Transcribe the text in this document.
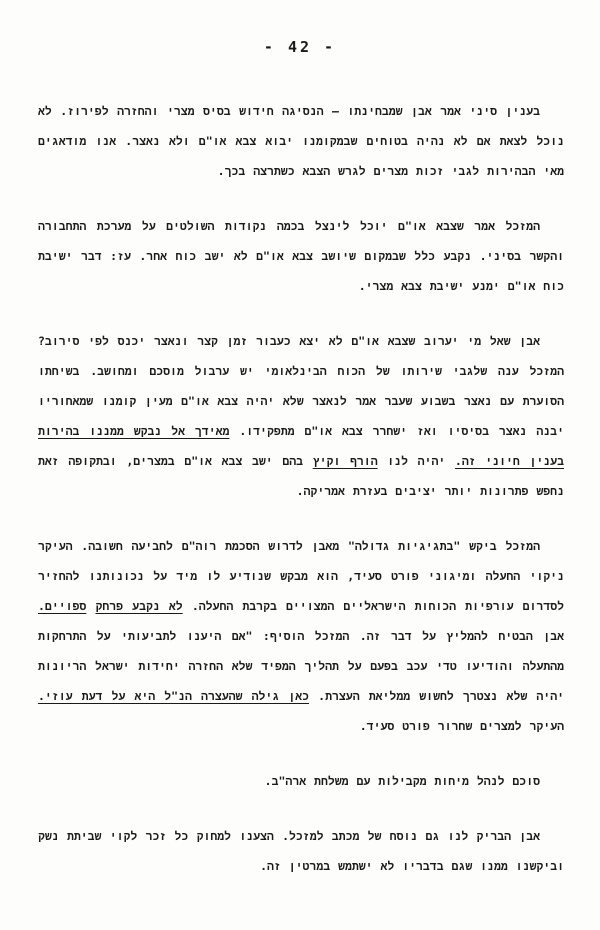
- 42 -

בענין סיני אמר אבן שמבחינתו – הנסיגה חידוש בסיס מצרי והחזרה לפירוז. לא נוכל לצאת אם לא נהיה בטוחים שבמקומנו יבוא צבא או"ם ולא נאצר. אנו מודאגים מאי הבהירות לגבי זכות מצרים לגרש הצבא כשתרצה בכך.

המזכל אמר שצבא או"ם יוכל לינצל בכמה נקודות השולטים על מערכת התחבורה והקשר בסיני. נקבע כלל שבמקום שיושב צבא או"ם לא ישב כוח אחר. עז: דבר ישיבת כוח או"ם ימנע ישיבת צבא מצרי.

אבן שאל מי יערוב שצבא או"ם לא יצא כעבור זמן קצר ונאצר יכנס לפי סירוב? המזכל ענה שלגבי שירותו של הכוח הבינלאומי יש ערבול מוסכם ומחושב. בשיחתו הסוערת עם נאצר בשבוע שעבר אמר לנאצר שלא יהיה צבא או"ם מעין קומנו שמאחוריו יבנה נאצר בסיסיו ואז ישחרר צבא או"ם מתפקידו. מאידך אל נבקש ממננו בהירות בענין חיוני זה. יהיה לנו הורף וקיץ בהם ישב צבא או"ם במצרים, ובתקופה זאת נחפש פתרונות יותר יציבים בעזרת אמריקה.

המזכל ביקש "בתגיגיות גדולה" מאבן לדרוש הסכמת רוה"ם לחביעה חשובה. העיקר ניקוי החעלה ומיגוני פורט סעיד, הוא מבקש שנודיע לו מיד על נכונותנו להחזיר לסדרום עורפיות הכוחות הישראליים המצויים בקרבת החעלה. לא נקבע פרחק ספויים. אבן הבטיח להמליץ על דבר זה. המזכל הוסיף: "אם היענו לתביעותי על התרחקות מהתעלה והודיעו טדי עכב בפעם על תהליך המפיד שלא החזרה יחידות ישראל הריונות יהיה שלא נצטרך לחשוש ממליאת העצרת. כאן גילה שהעצרה הנ"ל היא על דעת עוזי. העיקר למצרים שחרור פורט סעיד.

סוכם לנהל מיחות מקבילות עם משלחת ארה"ב.

אבן הבריק לנו גם נוסח של מכתב למזכל. הצענו למחוק כל זכר לקוי שביתת נשק וביקשנו ממנו שגם בדבריו לא ישתמש במרטין זה.
